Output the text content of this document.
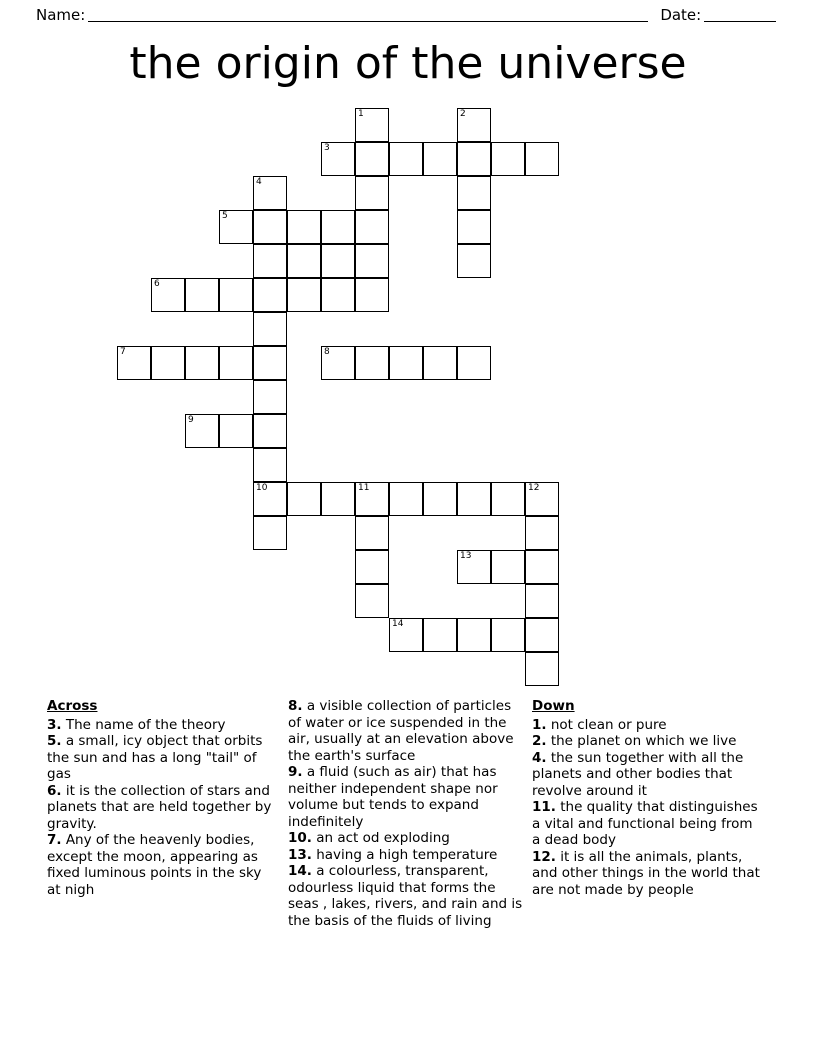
Name:	Date:
the origin of the universe
1	2
3
4
5
6
7	8
9
10	11	12
13
14
Across
3. The name of the theory
5. a small, icy object that orbits the sun and has a long "tail" of gas
6. it is the collection of stars and planets that are held together by gravity.
7. Any of the heavenly bodies, except the moon, appearing as fixed luminous points in the sky at nigh
8. a visible collection of particles of water or ice suspended in the air, usually at an elevation above the earth's surface
9. a fluid (such as air) that has neither independent shape nor volume but tends to expand indefinitely
10. an act od exploding
13. having a high temperature
14. a colourless, transparent, odourless liquid that forms the seas , lakes, rivers, and rain and is the basis of the fluids of living
Down
1. not clean or pure
2. the planet on which we live
4. the sun together with all the planets and other bodies that revolve around it
11. the quality that distinguishes a vital and functional being from a dead body
12. it is all the animals, plants, and other things in the world that are not made by people
